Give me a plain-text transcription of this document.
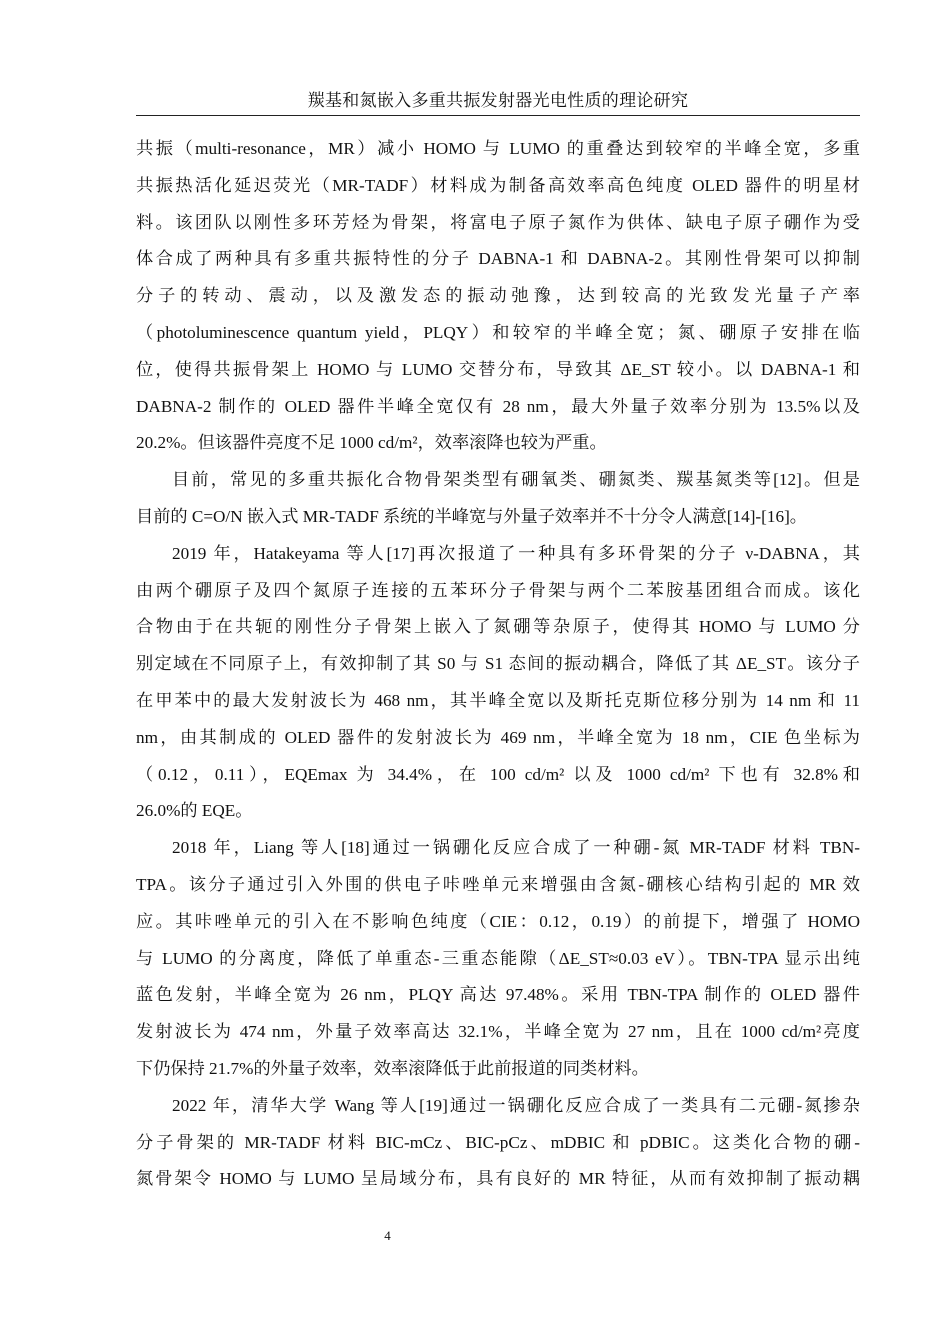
羰基和氮嵌入多重共振发射器光电性质的理论研究
共振（multi-resonance，MR）减小 HOMO 与 LUMO 的重叠达到较窄的半峰全宽，多重
共振热活化延迟荧光（MR-TADF）材料成为制备高效率高色纯度 OLED 器件的明星材
料。该团队以刚性多环芳烃为骨架，将富电子原子氮作为供体、缺电子原子硼作为受
体合成了两种具有多重共振特性的分子 DABNA-1 和 DABNA-2。其刚性骨架可以抑制
分子的转动、震动，以及激发态的振动弛豫，达到较高的光致发光量子产率
（photoluminescence quantum yield，PLQY）和较窄的半峰全宽；氮、硼原子安排在临
位，使得共振骨架上 HOMO 与 LUMO 交替分布，导致其 ΔE_ST 较小。以 DABNA-1 和
DABNA-2 制作的 OLED 器件半峰全宽仅有 28 nm，最大外量子效率分别为 13.5%以及
20.2%。但该器件亮度不足 1000 cd/m²，效率滚降也较为严重。
目前，常见的多重共振化合物骨架类型有硼氧类、硼氮类、羰基氮类等[12]。但是
目前的 C=O/N 嵌入式 MR-TADF 系统的半峰宽与外量子效率并不十分令人满意[14]-[16]。
2019 年，Hatakeyama 等人[17]再次报道了一种具有多环骨架的分子 ν-DABNA，其
由两个硼原子及四个氮原子连接的五苯环分子骨架与两个二苯胺基团组合而成。该化
合物由于在共轭的刚性分子骨架上嵌入了氮硼等杂原子，使得其 HOMO 与 LUMO 分
别定域在不同原子上，有效抑制了其 S0 与 S1 态间的振动耦合，降低了其 ΔE_ST。该分子
在甲苯中的最大发射波长为 468 nm，其半峰全宽以及斯托克斯位移分别为 14 nm 和 11
nm，由其制成的 OLED 器件的发射波长为 469 nm，半峰全宽为 18 nm，CIE 色坐标为
（0.12，0.11），EQEmax 为 34.4%，在 100 cd/m² 以及 1000 cd/m² 下也有 32.8%和
26.0%的 EQE。
2018 年，Liang 等人[18]通过一锅硼化反应合成了一种硼-氮 MR-TADF 材料 TBN-
TPA。该分子通过引入外围的供电子咔唑单元来增强由含氮-硼核心结构引起的 MR 效
应。其咔唑单元的引入在不影响色纯度（CIE：0.12，0.19）的前提下，增强了 HOMO
与 LUMO 的分离度，降低了单重态-三重态能隙（ΔE_ST≈0.03 eV）。TBN-TPA 显示出纯
蓝色发射，半峰全宽为 26 nm，PLQY 高达 97.48%。采用 TBN-TPA 制作的 OLED 器件
发射波长为 474 nm，外量子效率高达 32.1%，半峰全宽为 27 nm，且在 1000 cd/m²亮度
下仍保持 21.7%的外量子效率，效率滚降低于此前报道的同类材料。
2022 年，清华大学 Wang 等人[19]通过一锅硼化反应合成了一类具有二元硼-氮掺杂
分子骨架的 MR-TADF 材料 BIC-mCz、BIC-pCz、mDBIC 和 pDBIC。这类化合物的硼-
氮骨架令 HOMO 与 LUMO 呈局域分布，具有良好的 MR 特征，从而有效抑制了振动耦
4
